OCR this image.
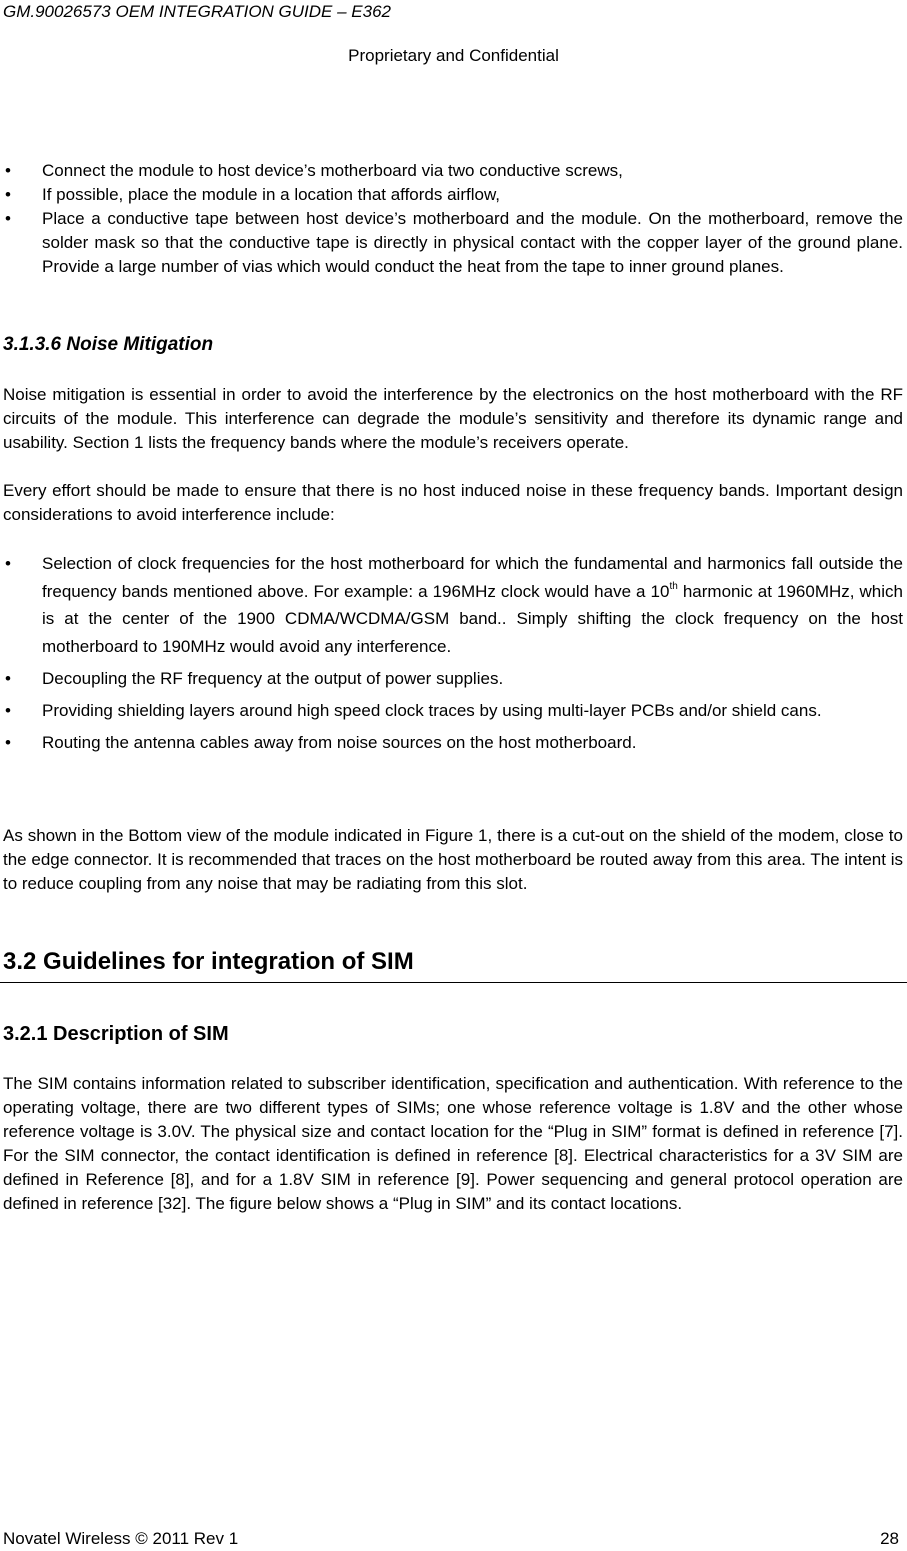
GM.90026573 OEM INTEGRATION GUIDE – E362
Proprietary and Confidential
• Connect the module to host device’s motherboard via two conductive screws,
• If possible, place the module in a location that affords airflow,
• Place a conductive tape between host device’s motherboard and the module. On the motherboard, remove the solder mask so that the conductive tape is directly in physical contact with the copper layer of the ground plane. Provide a large number of vias which would conduct the heat from the tape to inner ground planes.
3.1.3.6 Noise Mitigation

Noise mitigation is essential in order to avoid the interference by the electronics on the host motherboard with the RF circuits of the module. This interference can degrade the module’s sensitivity and therefore its dynamic range and usability. Section 1 lists the frequency bands where the module’s receivers operate.

Every effort should be made to ensure that there is no host induced noise in these frequency bands. Important design considerations to avoid interference include:

• Selection of clock frequencies for the host motherboard for which the fundamental and harmonics fall outside the frequency bands mentioned above. For example: a 196MHz clock would have a 10th harmonic at 1960MHz, which is at the center of the 1900 CDMA/WCDMA/GSM band.. Simply shifting the clock frequency on the host motherboard to 190MHz would avoid any interference.
• Decoupling the RF frequency at the output of power supplies.
• Providing shielding layers around high speed clock traces by using multi-layer PCBs and/or shield cans.
• Routing the antenna cables away from noise sources on the host motherboard.

As shown in the Bottom view of the module indicated in Figure 1, there is a cut-out on the shield of the modem, close to the edge connector. It is recommended that traces on the host motherboard be routed away from this area. The intent is to reduce coupling from any noise that may be radiating from this slot.

3.2 Guidelines for integration of SIM
3.2.1 Description of SIM

The SIM contains information related to subscriber identification, specification and authentication. With reference to the operating voltage, there are two different types of SIMs; one whose reference voltage is 1.8V and the other whose reference voltage is 3.0V. The physical size and contact location for the “Plug in SIM” format is defined in reference [7]. For the SIM connector, the contact identification is defined in reference [8]. Electrical characteristics for a 3V SIM are defined in Reference [8], and for a 1.8V SIM in reference [9]. Power sequencing and general protocol operation are defined in reference [32]. The figure below shows a “Plug in SIM” and its contact locations.

Novatel Wireless © 2011 Rev 1	28
